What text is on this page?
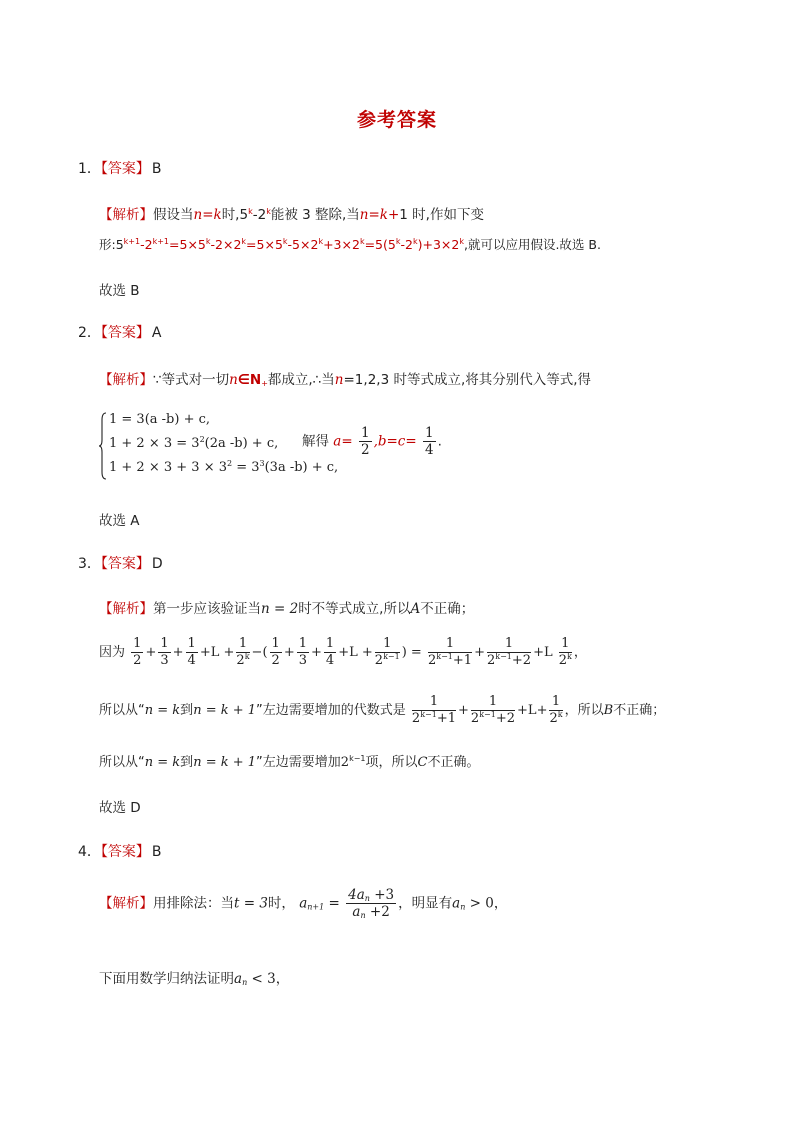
参考答案
1．【答案】 B
【解析】假设当n=k时,5$^k$-2$^k$能被 3 整除,当n=k+1 时,作如下变
形$:5^{k+1}-2^{k+1}=5\times 5^k-2\times 2^k=5\times 5^k-5\times 2^k+3\times 2^k=5(5^k-2^k)+3\times 2^k$,就可以应用假设.故选 B.
故选 B
2．【答案】 A
【解析】∵等式对一切$n\in N_+$都成立,∴当n=1,2,3 时等式成立,将其分别代入等式,得
1 = 3(a -b) + c,
$1 + 2 \times 3 = 3^2(2a$ -b) + c,
$1 + 2 \times 3 + 3 \times 3^2 = 3^3(3a$ -b) + c,
解得 $a= \frac{1}{2} ,b=c= \frac{1}{4}$ .
故选 A
3．【答案】 D
【解析】第一步应该验证当n = 2时不等式成立,所以A不正确；
因为 $\frac{1}{2} + \frac{1}{3} + \frac{1}{4} +L + \frac{1}{2^k}$ −( $\frac{1}{2} + \frac{1}{3} + \frac{1}{4} +L + \frac{1}{2^{k-1}}$ ) = $\frac{1}{2^{k-1}+1} + \frac{1}{2^{k-1}+2} +L \frac{1}{2^k}$ ，
所以从“n = k到n = k + 1”左边需要增加的代数式是 $\frac{1}{2^{k-1}+1} + \frac{1}{2^{k-1}+2} +L+ \frac{1}{2^k}$ ，所以B不正确；
所以从“n = k到n = k + 1”左边需要增加$2^{k-1}$项，所以C不正确。
故选 D
4．【答案】 B
【解析】用排除法：当t = 3时， $a_{n+1} = \frac{4a_n +3}{a_n +2}$ ，明显有$a_n > 0$，
下面用数学归纳法证明$a_n < 3$，
